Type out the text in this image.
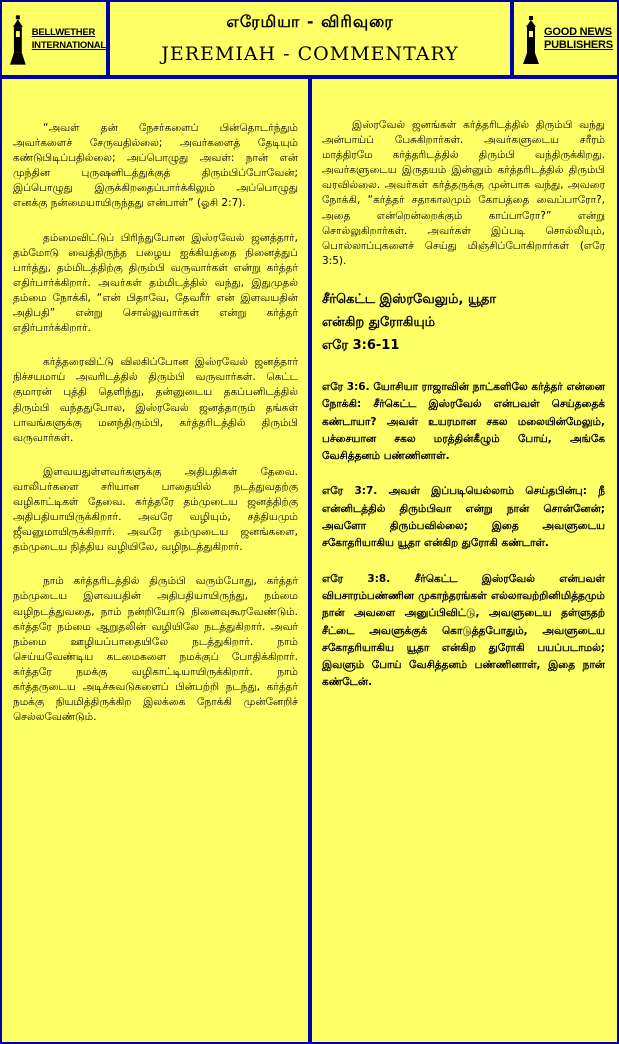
BELLWETHER
INTERNATIONAL
எரேமியா - விரிவுரை
JEREMIAH - COMMENTARY
GOOD NEWS
PUBLISHERS

“அவள் தன் நேசர்களைப் பின்தொடர்ந்தும் அவர்களைச் சேருவதில்லை; அவர்களைத் தேடியும் கண்டுபிடிப்பதில்லை; அப்பொழுது அவள்: நான் என் முந்தின புருஷனிடத்துக்குத் திரும்பிப்போவேன்; இப்பொழுது இருக்கிறதைப்பார்க்கிலும் அப்பொழுது எனக்கு நன்மையாயிருந்தது என்பாள்” (ஓசி 2:7).

தம்மைவிட்டுப் பிரிந்துபோன இஸ்ரவேல் ஜனத்தார், தம்மோடு வைத்திருந்த பழைய ஐக்கியத்தை நினைத்துப் பார்த்து, தம்மிடத்திற்கு திரும்பி வருவார்கள் என்று கர்த்தர் எதிர்பார்க்கிறார். அவர்கள் தம்மிடத்தில் வந்து, இதுமுதல் தம்மை நோக்கி, “என் பிதாவே, தேவரீர் என் இளவயதின் அதிபதி” என்று சொல்லுவார்கள் என்று கர்த்தர் எதிர்பார்க்கிறார்.

கர்த்தரைவிட்டு விலகிப்போன இஸ்ரவேல் ஜனத்தார் நிச்சயமாய் அவரிடத்தில் திரும்பி வருவார்கள். கெட்ட குமாரன் புத்தி தெளிந்து, தன்னுடைய தகப்பனிடத்தில் திரும்பி வந்ததுபோல, இஸ்ரவேல் ஜனத்தாரும் தங்கள் பாவங்களுக்கு மனந்திரும்பி, கர்த்தரிடத்தில் திரும்பி வருவார்கள்.

இளவயதுள்ளவர்களுக்கு அதிபதிகள் தேவை. வாலிபர்களை சரியான பாதையில் நடத்துவதற்கு வழிகாட்டிகள் தேவை. கர்த்தரே தம்முடைய ஜனத்திற்கு அதிபதியாயிருக்கிறார். அவரே வழியும், சத்தியமும் ஜீவனுமாயிருக்கிறார். அவரே தம்முடைய ஜனங்களை, தம்முடைய நித்திய வழியிலே, வழிநடத்துகிறார்.

நாம் கர்த்தரிடத்தில் திரும்பி வரும்போது, கர்த்தர் நம்முடைய இளவயதின் அதிபதியாயிருந்து, நம்மை வழிநடத்துவதை, நாம் நன்றியோடு நினைவுகூரவேண்டும். கர்த்தரே நம்மை ஆறுதலின் வழியிலே நடத்துகிறார். அவர் நம்மை ஊழியப்பாதையிலே நடத்துகிறார். நாம் செய்யவேண்டிய கடமைகளை நமக்குப் போதிக்கிறார். கர்த்தரே நமக்கு வழிகாட்டியாயிருக்கிறார். நாம் கர்த்தருடைய அடிச்சுவடுகளைப் பின்பற்றி நடந்து, கர்த்தர் நமக்கு நியமித்திருக்கிற இலக்கை நோக்கி முன்னேறிச் செல்லவேண்டும்.

இஸ்ரவேல் ஜனங்கள் கர்த்தரிடத்தில் திரும்பி வந்து அன்பாய்ப் பேசுகிறார்கள். அவர்களுடைய சரீரம் மாத்திரமே கர்த்தரிடத்தில் திரும்பி வந்திருக்கிறது. அவர்களுடைய இருதயம் இன்னும் கர்த்தரிடத்தில் திரும்பி வரவில்லை. அவர்கள் கர்த்தருக்கு முன்பாக வந்து, அவரை நோக்கி, “கர்த்தர் சதாகாலமும் கோபத்தை வைப்பாரோ?, அதை என்றென்றைக்கும் காப்பாரோ?” என்று சொல்லுகிறார்கள். அவர்கள் இப்படி சொல்லியும், பொல்லாப்புகளைச் செய்து மிஞ்சிப்போகிறார்கள் (எரே 3:5).

சீர்கெட்ட இஸ்ரவேலும், யூதா
என்கிற துரோகியும்
எரே 3:6-11

எரே 3:6. யோசியா ராஜாவின் நாட்களிலே கர்த்தர் என்னை நோக்கி: சீர்கெட்ட இஸ்ரவேல் என்பவள் செய்ததைக் கண்டாயா? அவள் உயரமான சகல மலையின்மேலும், பச்சையான சகல மரத்தின்கீழும் போய், அங்கே வேசித்தனம் பண்ணினாள்.

எரே 3:7. அவள் இப்படியெல்லாம் செய்தபின்பு: நீ என்னிடத்தில் திரும்பிவா என்று நான் சொன்னேன்; அவளோ திரும்பவில்லை; இதை அவளுடைய சகோதரியாகிய யூதா என்கிற துரோகி கண்டாள்.

எரே 3:8. சீர்கெட்ட இஸ்ரவேல் என்பவள் விபசாரம்பண்ணின முகாந்தரங்கள் எல்லாவற்றினிமித்தமும் நான் அவளை அனுப்பிவிட்டு, அவளுடைய தள்ளுதற் சீட்டை அவளுக்குக் கொடுத்தபோதும், அவளுடைய சகோதரியாகிய யூதா என்கிற துரோகி பயப்படாமல்; இவளும் போய் வேசித்தனம் பண்ணினாள், இதை நான் கண்டேன்.
